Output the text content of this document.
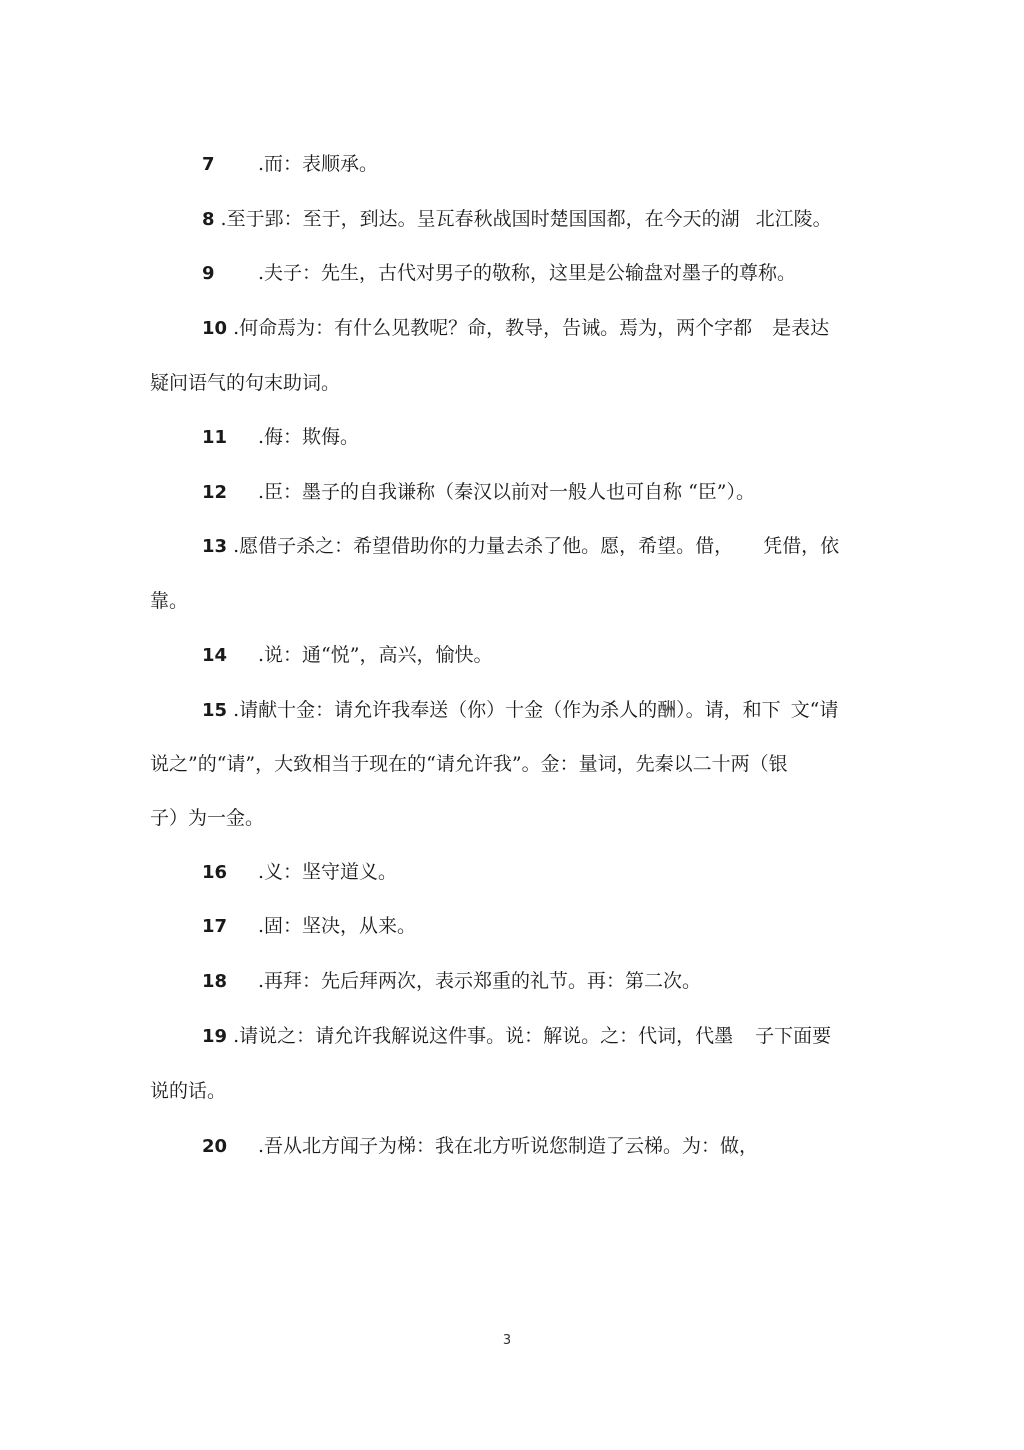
7 .而：表顺承。
8 .至于郢：至于，到达。呈瓦春秋战国时楚国国都，在今天的湖 北江陵。
9 .夫子：先生，古代对男子的敬称，这里是公输盘对墨子的尊称。
10 .何命焉为：有什么见教呢？命，教导，告诫。焉为，两个字都 是表达
疑问语气的句末助词。
11 .侮：欺侮。
12 .臣：墨子的自我谦称（秦汉以前对一般人也可自称 “臣”）。
13 .愿借子杀之：希望借助你的力量去杀了他。愿，希望。借， 凭借，依
靠。
14 .说：通“悦”，高兴，愉快。
15 .请献十金：请允许我奉送（你）十金（作为杀人的酬）。请，和下 文“请
说之”的“请”，大致相当于现在的“请允许我”。金：量词，先秦以二十两（银
子）为一金。
16 .义：坚守道义。
17 .固：坚决，从来。
18 .再拜：先后拜两次，表示郑重的礼节。再：第二次。
19 .请说之：请允许我解说这件事。说：解说。之：代词，代墨 子下面要
说的话。
20 .吾从北方闻子为梯：我在北方听说您制造了云梯。为：做，
3
